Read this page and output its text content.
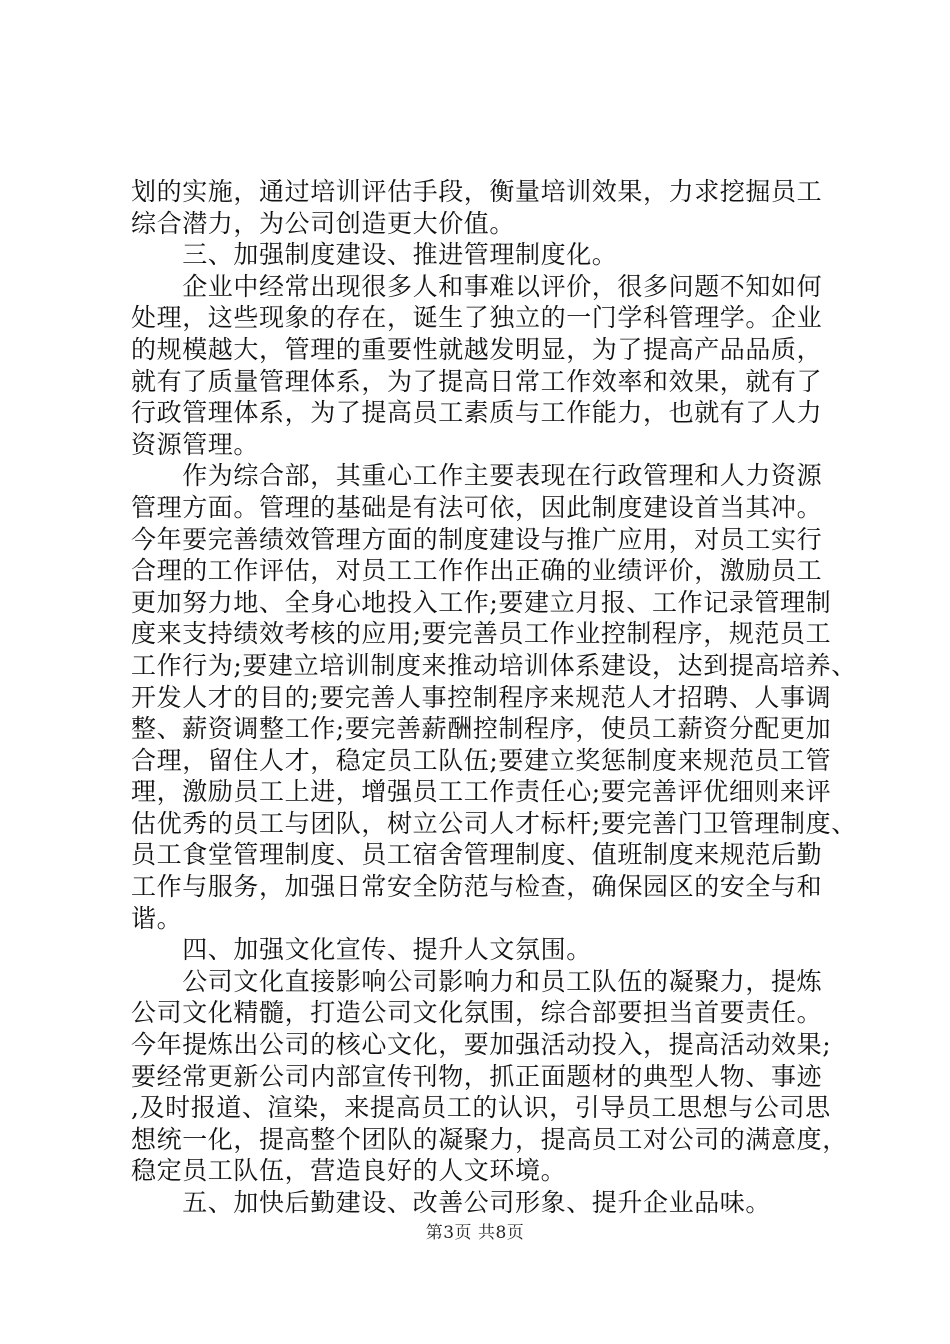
划的实施，通过培训评估手段，衡量培训效果，力求挖掘员工
综合潜力，为公司创造更大价值。
　　三、加强制度建设、推进管理制度化。
　　企业中经常出现很多人和事难以评价，很多问题不知如何
处理，这些现象的存在，诞生了独立的一门学科管理学。企业
的规模越大，管理的重要性就越发明显，为了提高产品品质，
就有了质量管理体系，为了提高日常工作效率和效果，就有了
行政管理体系，为了提高员工素质与工作能力，也就有了人力
资源管理。
　　作为综合部，其重心工作主要表现在行政管理和人力资源
管理方面。管理的基础是有法可依，因此制度建设首当其冲。
今年要完善绩效管理方面的制度建设与推广应用，对员工实行
合理的工作评估，对员工工作作出正确的业绩评价，激励员工
更加努力地、全身心地投入工作;要建立月报、工作记录管理制
度来支持绩效考核的应用;要完善员工作业控制程序，规范员工
工作行为;要建立培训制度来推动培训体系建设，达到提高培养、
开发人才的目的;要完善人事控制程序来规范人才招聘、人事调
整、薪资调整工作;要完善薪酬控制程序，使员工薪资分配更加
合理，留住人才，稳定员工队伍;要建立奖惩制度来规范员工管
理，激励员工上进，增强员工工作责任心;要完善评优细则来评
估优秀的员工与团队，树立公司人才标杆;要完善门卫管理制度、
员工食堂管理制度、员工宿舍管理制度、值班制度来规范后勤
工作与服务，加强日常安全防范与检查，确保园区的安全与和
谐。
　　四、加强文化宣传、提升人文氛围。
　　公司文化直接影响公司影响力和员工队伍的凝聚力，提炼
公司文化精髓，打造公司文化氛围，综合部要担当首要责任。
今年提炼出公司的核心文化，要加强活动投入，提高活动效果;
要经常更新公司内部宣传刊物，抓正面题材的典型人物、事迹
,及时报道、渲染，来提高员工的认识，引导员工思想与公司思
想统一化，提高整个团队的凝聚力，提高员工对公司的满意度，
稳定员工队伍，营造良好的人文环境。
　　五、加快后勤建设、改善公司形象、提升企业品味。
第3页 共8页
